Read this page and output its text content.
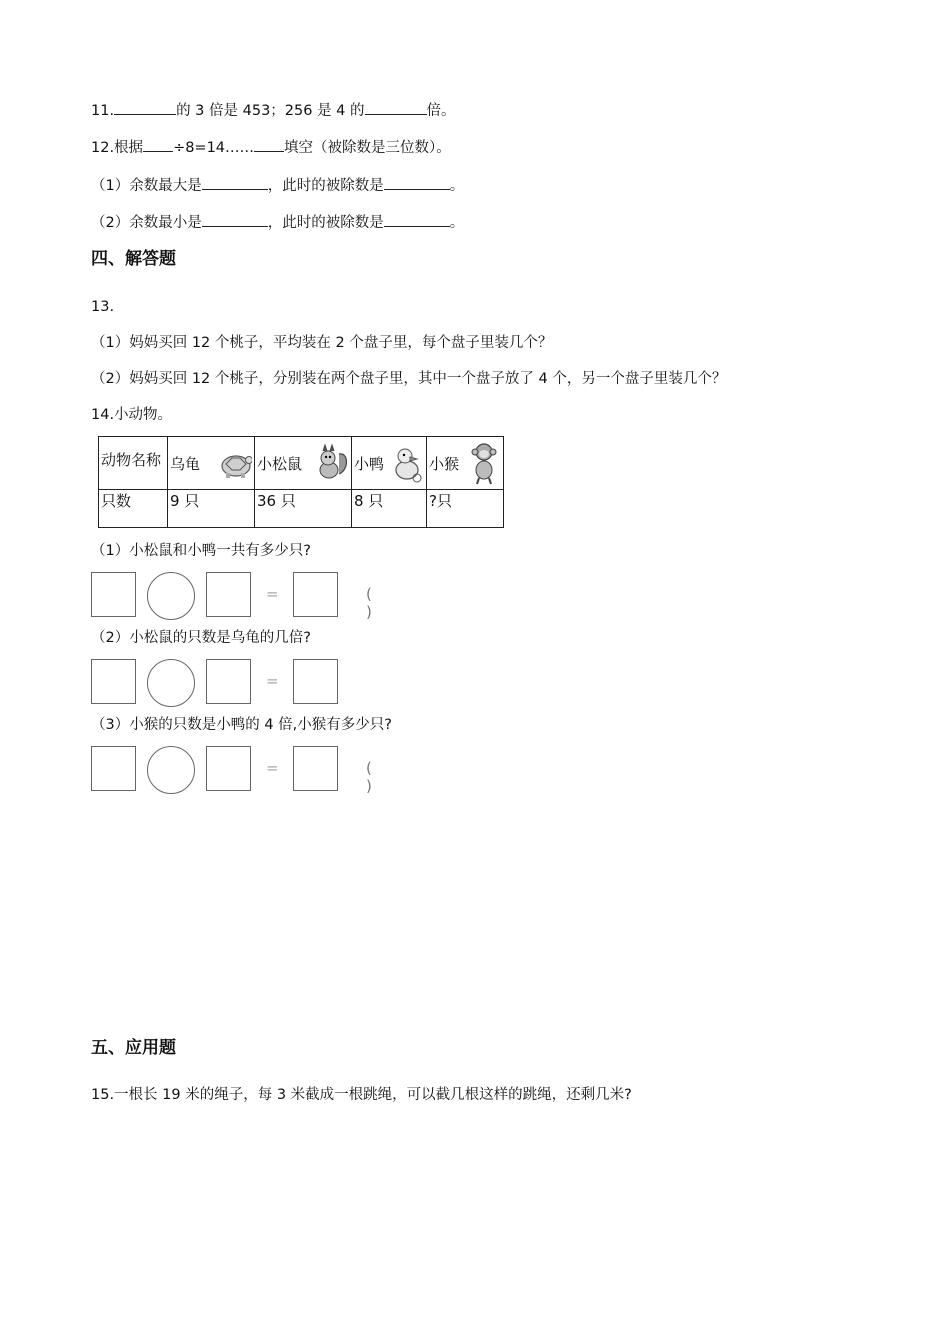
11.	的 3 倍是 453；256 是 4 的	倍。
12.根据 ÷8=14…… 填空（被除数是三位数）。
（1）余数最大是	，此时的被除数是	。
（2）余数最小是	，此时的被除数是	。
四、解答题
13.
（1）妈妈买回 12 个桃子，平均装在 2 个盘子里，每个盘子里装几个？
（2）妈妈买回 12 个桃子，分别装在两个盘子里，其中一个盘子放了 4 个，另一个盘子里装几个？
14.小动物。
动物名称	乌龟	小松鼠	小鸭	小猴

只数	9 只	36 只	8 只	?只
（1）小松鼠和小鸭一共有多少只?
=	( )
（2）小松鼠的只数是乌龟的几倍?
=
（3）小猴的只数是小鸭的 4 倍,小猴有多少只?
=	( )
五、应用题
15.一根长 19 米的绳子，每 3 米截成一根跳绳，可以截几根这样的跳绳，还剩几米?
